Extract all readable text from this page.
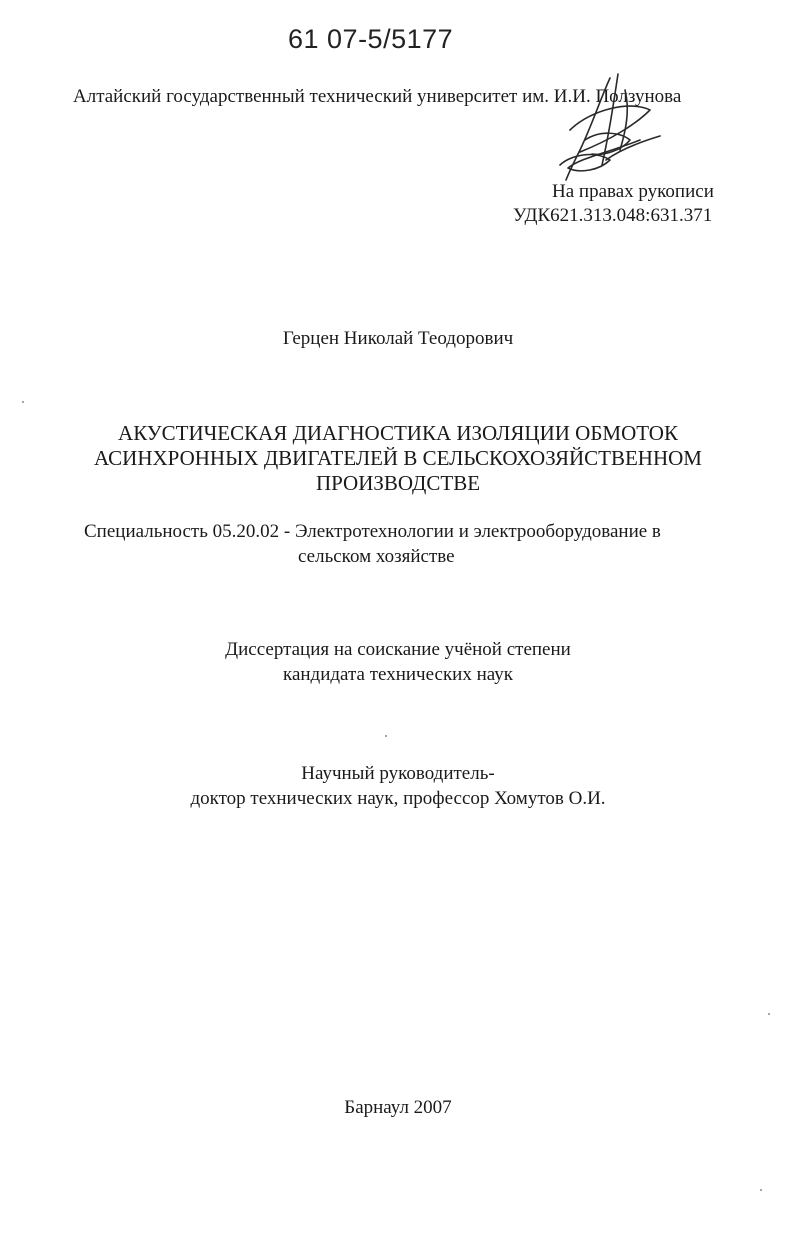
61 07-5/5177
Алтайский государственный технический университет им. И.И. Ползунова
На правах рукописи
УДК621.313.048:631.371
Герцен Николай Теодорович
АКУСТИЧЕСКАЯ ДИАГНОСТИКА ИЗОЛЯЦИИ ОБМОТОК
АСИНХРОННЫХ ДВИГАТЕЛЕЙ В СЕЛЬСКОХОЗЯЙСТВЕННОМ
ПРОИЗВОДСТВЕ
Специальность 05.20.02 - Электротехнологии и электрооборудование в
сельском хозяйстве
Диссертация на соискание учёной степени
кандидата технических наук
Научный руководитель-
доктор технических наук, профессор Хомутов О.И.
Барнаул 2007
